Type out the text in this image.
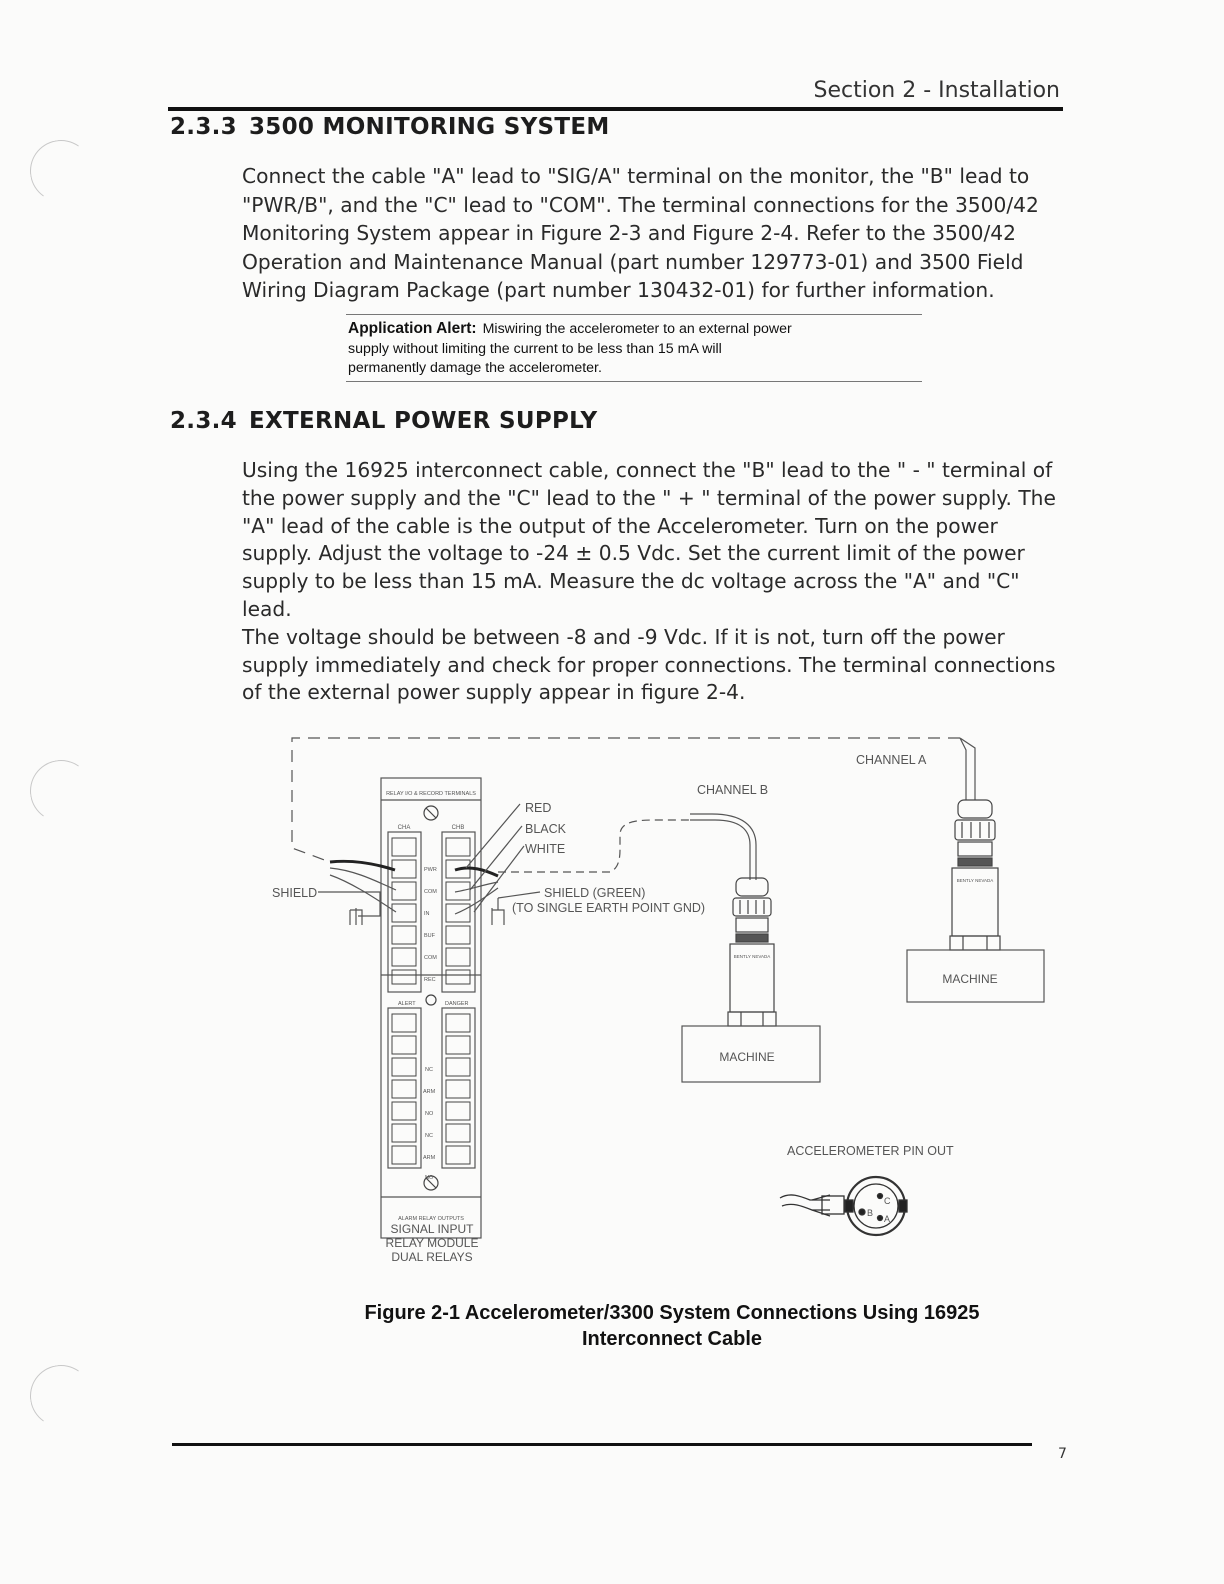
Section 2 - Installation
2.3.3 3500 MONITORING SYSTEM
Connect the cable "A" lead to "SIG/A" terminal on the monitor, the "B" lead to
"PWR/B", and the "C" lead to "COM". The terminal connections for the 3500/42
Monitoring System appear in Figure 2-3 and Figure 2-4. Refer to the 3500/42
Operation and Maintenance Manual (part number 129773-01) and 3500 Field
Wiring Diagram Package (part number 130432-01) for further information.
Application Alert: Miswiring the accelerometer to an external power
supply without limiting the current to be less than 15 mA will
permanently damage the accelerometer.
2.3.4 EXTERNAL POWER SUPPLY
Using the 16925 interconnect cable, connect the "B" lead to the " - " terminal of
the power supply and the "C" lead to the " + " terminal of the power supply. The
"A" lead of the cable is the output of the Accelerometer. Turn on the power
supply. Adjust the voltage to -24 ± 0.5 Vdc. Set the current limit of the power
supply to be less than 15 mA. Measure the dc voltage across the "A" and "C" lead.
The voltage should be between -8 and -9 Vdc. If it is not, turn off the power
supply immediately and check for proper connections. The terminal connections
of the external power supply appear in figure 2-4.
RELAY I/O & RECORD TERMINALS
CHA	CHB
PWR
COM
IN
BUF
COM
REC
ALERT	DANGER
NC
ARM
NO
NC
ARM
NO
ALARM RELAY OUTPUTS
SIGNAL INPUT
RELAY MODULE
DUAL RELAYS
RED
BLACK
WHITE
SHIELD	SHIELD (GREEN)
(TO SINGLE EARTH POINT GND)
CHANNEL B
CHANNEL A
BENTLY NEVADA
MACHINE
BENTLY NEVADA
MACHINE
ACCELEROMETER PIN OUT
B
C
A
Figure 2-1 Accelerometer/3300 System Connections Using 16925
Interconnect Cable
7
